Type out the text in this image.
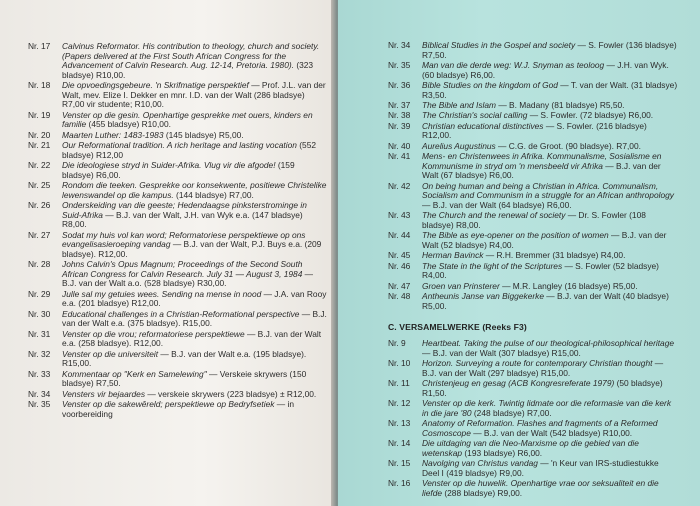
Nr. 17	Calvinus Reformator. His contribution to theology, church and society. (Papers delivered at the First South African Congress for the Advancement of Calvin Research. Aug. 12-14, Pretoria. 1980). (323 bladsye) R10,00.
Nr. 18	Die opvoedingsgebeure. 'n Skrifmatige perspektief — Prof. J.L. van der Walt, mev. Elize I. Dekker en mnr. I.D. van der Walt (286 bladsye) R7,00 vir studente; R10,00.
Nr. 19	Venster op die gesin. Openhartige gesprekke met ouers, kinders en familie (455 bladsye) R10,00.
Nr. 20	Maarten Luther: 1483-1983 (145 bladsye) R5,00.
Nr. 21	Our Reformational tradition. A rich heritage and lasting vocation (552 bladsye) R12,00
Nr. 22	Die ideologiese stryd in Suider-Afrika. Vlug vir die afgode! (159 bladsye) R6,00.
Nr. 25	Rondom die teeken. Gesprekke oor konsekwente, positiewe Christelike lewenswandel op die kampus. (144 bladsye) R7,00.
Nr. 26	Onderskeiding van die geeste; Hedendaagse pinksterstrominge in Suid-Afrika — B.J. van der Walt, J.H. van Wyk e.a. (147 bladsye) R8,00.
Nr. 27	Sodat my huis vol kan word; Reformatoriese perspektiewe op ons evangelisasieroeping vandag — B.J. van der Walt, P.J. Buys e.a. (209 bladsye). R12,00.
Nr. 28	Johns Calvin's Opus Magnum; Proceedings of the Second South African Congress for Calvin Research. July 31 — August 3, 1984 — B.J. van der Walt a.o. (528 bladsye) R30,00.
Nr. 29	Julle sal my getuies wees. Sending na mense in nood — J.A. van Rooy e.a. (201 bladsye) R12,00.
Nr. 30	Educational challenges in a Christian-Reformational perspective — B.J. van der Walt e.a. (375 bladsye). R15,00.
Nr. 31	Venster op die vrou; reformatoriese perspektiewe — B.J. van der Walt e.a. (258 bladsye). R12,00.
Nr. 32	Venster op die universiteit — B.J. van der Walt e.a. (195 bladsye). R15,00.
Nr. 33	Kommentaar op "Kerk en Samelewing" — Verskeie skrywers (150 bladsye) R7,50.
Nr. 34	Vensters vir bejaardes — verskeie skrywers (223 bladsye) ± R12,00.
Nr. 35	Venster op die sakewêreld; perspektiewe op Bedryfsetiek — in voorbereiding
Nr. 34	Biblical Studies in the Gospel and society — S. Fowler (136 bladsye) R7,50.
Nr. 35	Man van die derde weg: W.J. Snyman as teoloog — J.H. van Wyk. (60 bladsye) R6,00.
Nr. 36	Bible Studies on the kingdom of God — T. van der Walt. (31 bladsye) R3,50.
Nr. 37	The Bible and Islam — B. Madany (81 bladsye) R5,50.
Nr. 38	The Christian's social calling — S. Fowler. (72 bladsye) R6,00.
Nr. 39	Christian educational distinctives — S. Fowler. (216 bladsye) R12,00.
Nr. 40	Aurelius Augustinus — C.G. de Groot. (90 bladsye). R7,00.
Nr. 41	Mens- en Christenwees in Afrika. Kommunalisme, Sosialisme en Kommunisme in stryd om 'n mensbeeld vir Afrika — B.J. van der Walt (67 bladsye) R6,00.
Nr. 42	On being human and being a Christian in Africa. Communalism, Socialism and Communism in a struggle for an African anthropology — B.J. van der Walt (64 bladsye) R6,00.
Nr. 43	The Church and the renewal of society — Dr. S. Fowler (108 bladsye) R8,00.
Nr. 44	The Bible as eye-opener on the position of women — B.J. van der Walt (52 bladsye) R4,00.
Nr. 45	Herman Bavinck — R.H. Bremmer (31 bladsye) R4,00.
Nr. 46	The State in the light of the Scriptures — S. Fowler (52 bladsye) R4,00.
Nr. 47	Groen van Prinsterer — M.R. Langley (16 bladsye) R5,00.
Nr. 48	Antheunis Janse van Biggekerke — B.J. van der Walt (40 bladsye) R5,00.
C. VERSAMELWERKE (Reeks F3)
Nr. 9	Heartbeat. Taking the pulse of our theological-philosophical heritage — B.J. van der Walt (307 bladsye) R15,00.
Nr. 10	Horizon. Surveying a route for contemporary Christian thought — B.J. van der Walt (297 bladsye) R15,00.
Nr. 11	Christenjeug en gesag (ACB Kongresreferate 1979) (50 bladsye) R1,50.
Nr. 12	Venster op die kerk. Twintig lidmate oor die reformasie van die kerk in die jare '80 (248 bladsye) R7,00.
Nr. 13	Anatomy of Reformation. Flashes and fragments of a Reformed Cosmoscope — B.J. van der Walt (542 bladsye) R10,00.
Nr. 14	Die uitdaging van die Neo-Marxisme op die gebied van die wetenskap (193 bladsye) R6,00.
Nr. 15	Navolging van Christus vandag — 'n Keur van IRS-studiestukke Deel I (419 bladsye) R9,00.
Nr. 16	Venster op die huwelik. Openhartige vrae oor seksualiteit en die liefde (288 bladsye) R9,00.
